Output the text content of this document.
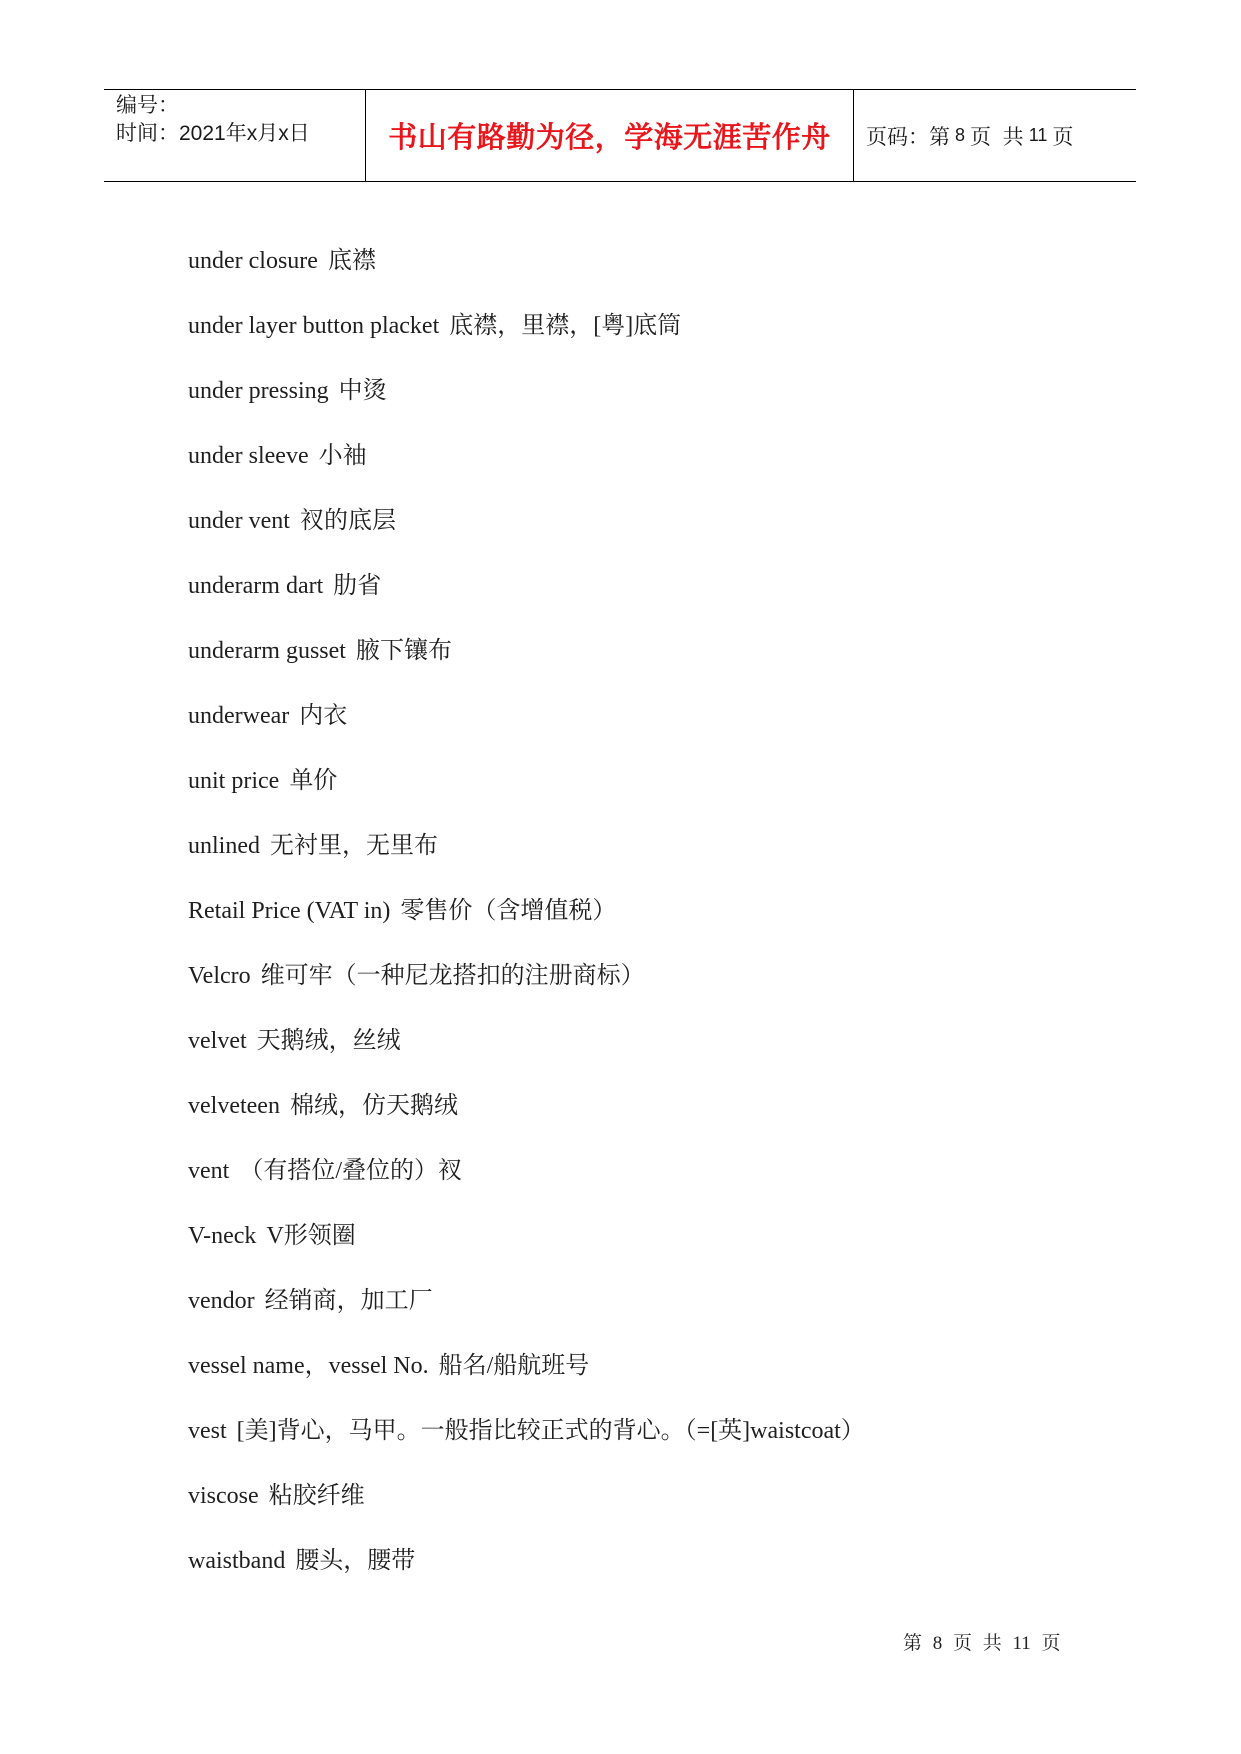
编号：
时间：2021年x月x日	书山有路勤为径，学海无涯苦作舟	页码：第 8 页  共 11 页
under closure 底襟
under layer button placket 底襟，里襟，[粤]底筒
under pressing 中烫
under sleeve 小袖
under vent 衩的底层
underarm dart 肋省
underarm gusset 腋下镶布
underwear 内衣
unit price 单价
unlined 无衬里，无里布
Retail Price (VAT in) 零售价（含增值税）
Velcro 维可牢（一种尼龙搭扣的注册商标）
velvet 天鹅绒，丝绒
velveteen 棉绒，仿天鹅绒
vent （有搭位/叠位的）衩
V-neck V形领圈
vendor 经销商，加工厂
vessel name，vessel No. 船名/船航班号
vest [美]背心，马甲。一般指比较正式的背心。（=[英]waistcoat）
viscose 粘胶纤维
waistband 腰头，腰带
第 8 页 共 11 页
